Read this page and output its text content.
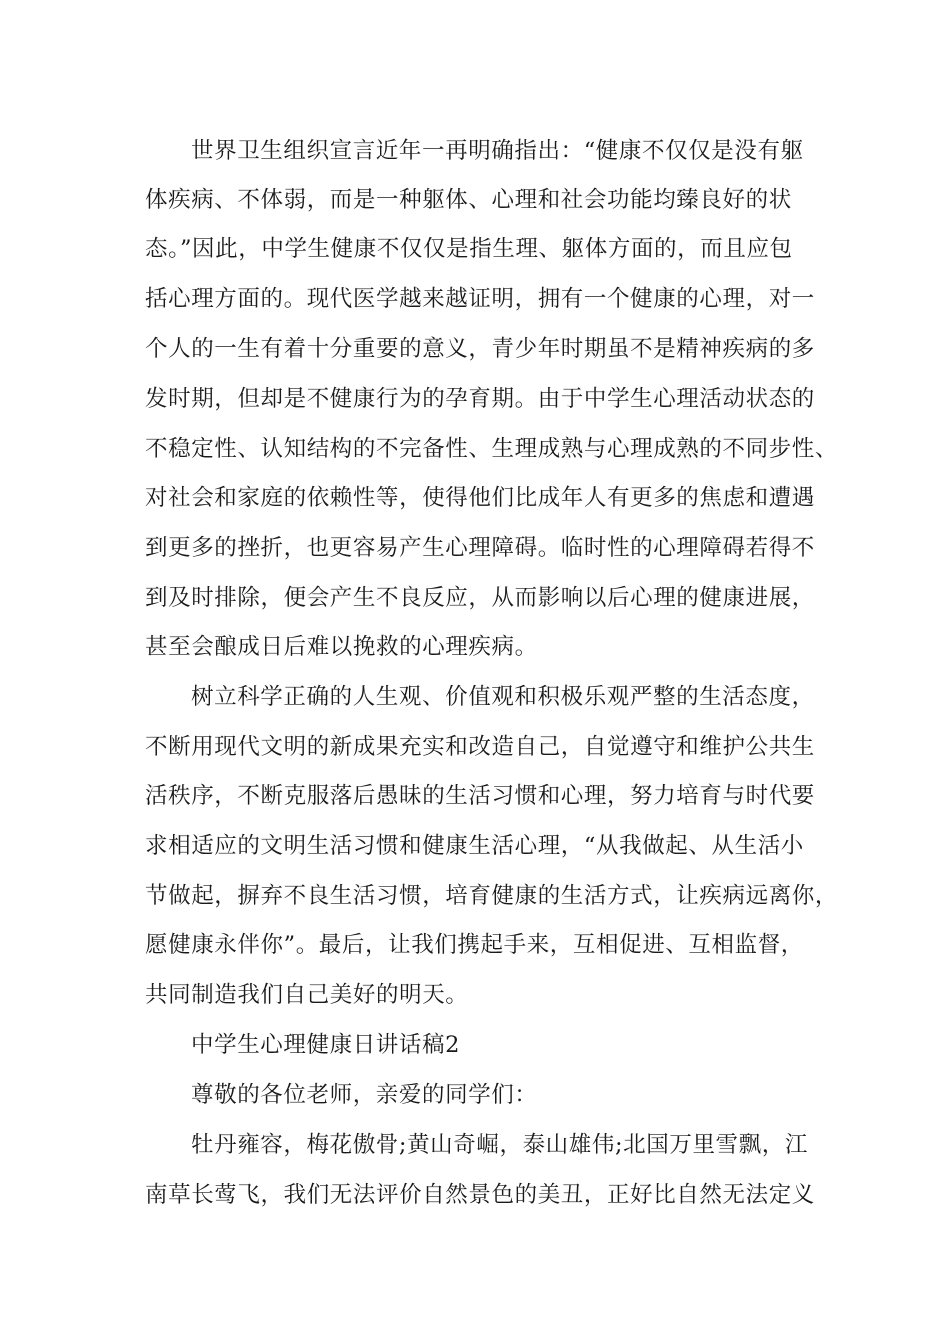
世界卫生组织宣言近年一再明确指出：“健康不仅仅是没有躯
体疾病、不体弱，而是一种躯体、心理和社会功能均臻良好的状
态。”因此，中学生健康不仅仅是指生理、躯体方面的，而且应包
括心理方面的。现代医学越来越证明，拥有一个健康的心理，对一
个人的一生有着十分重要的意义，青少年时期虽不是精神疾病的多
发时期，但却是不健康行为的孕育期。由于中学生心理活动状态的
不稳定性、认知结构的不完备性、生理成熟与心理成熟的不同步性、
对社会和家庭的依赖性等，使得他们比成年人有更多的焦虑和遭遇
到更多的挫折，也更容易产生心理障碍。临时性的心理障碍若得不
到及时排除，便会产生不良反应，从而影响以后心理的健康进展，
甚至会酿成日后难以挽救的心理疾病。
树立科学正确的人生观、价值观和积极乐观严整的生活态度，
不断用现代文明的新成果充实和改造自己，自觉遵守和维护公共生
活秩序，不断克服落后愚昧的生活习惯和心理，努力培育与时代要
求相适应的文明生活习惯和健康生活心理，“从我做起、从生活小
节做起，摒弃不良生活习惯，培育健康的生活方式，让疾病远离你，
愿健康永伴你”。最后，让我们携起手来，互相促进、互相监督，
共同制造我们自己美好的明天。
中学生心理健康日讲话稿2
尊敬的各位老师，亲爱的同学们：
牡丹雍容，梅花傲骨;黄山奇崛，泰山雄伟;北国万里雪飘，江
南草长莺飞，我们无法评价自然景色的美丑，正好比自然无法定义
